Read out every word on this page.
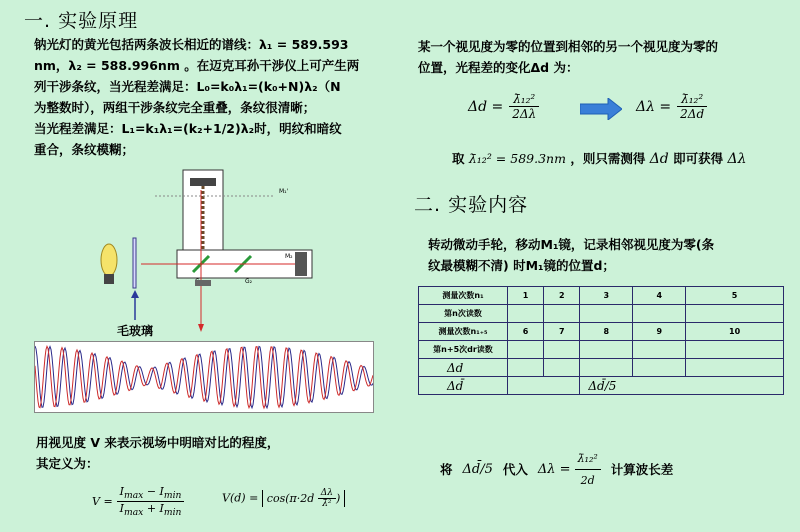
一. 实验原理
钠光灯的黄光包括两条波长相近的谱线：λ₁ = 589.593
nm，λ₂ = 588.996nm 。在迈克耳孙干涉仪上可产生两
列干涉条纹，当光程差满足：L₀=k₀λ₁=(k₀+N)λ₂（N
为整数时），两组干涉条纹完全重叠，条纹很清晰；
当光程差满足：L₁=k₁λ₁=(k₂+1/2)λ₂时，明纹和暗纹
重合，条纹模糊；
M₁'
M₂
G₂
毛玻璃
用视见度 V 来表示视场中明暗对比的程度，
其定义为：
$V = \frac{I_{max} - I_{min}}{I_{max} + I_{min}}$	$V(d) = \cos(\pi\cdot 2d \frac{\Delta\lambda}{\text{λ̄²}}$ )
某一个视见度为零的位置到相邻的另一个视见度为零的
位置，光程差的变化Δd 为：
$\Delta d = \frac{\text{λ̄₁₂²}}{2\Delta\lambda}$	$\Delta\lambda = \frac{\text{λ̄₁₂²}}{2\Delta d}$
取 λ̄₁₂² = 589.3nm ，则只需测得 Δd 即可获得 Δλ
二. 实验内容
转动微动手轮，移动M₁镜，记录相邻视见度为零(条
纹最模糊不清) 时M₁镜的位置d；
测量次数n₁	1	2	3	4	5
第n次读数					
测量次数n₁₊₅	6	7	8	9	10
第n+5次dr读数					
Δd					
Δd̄			Δd̄/5		
将 Δd̄/5 代入 $\Delta\lambda = \frac{\text{λ̄₁₂²}}{2d}$ 计算波长差
